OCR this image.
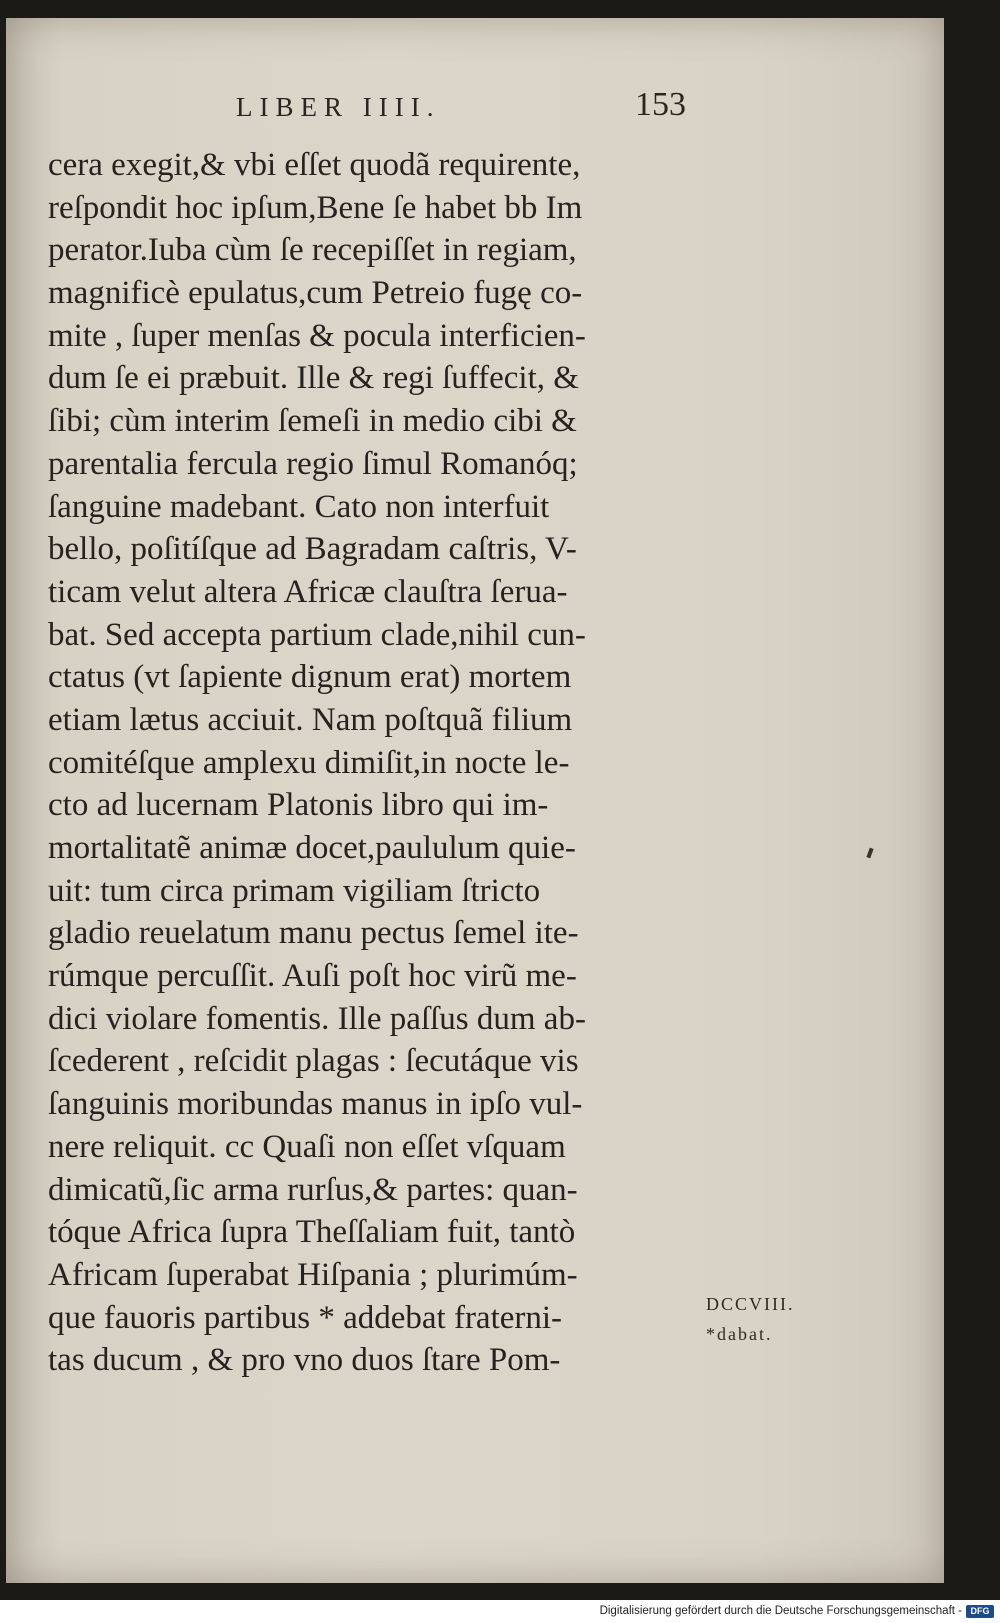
LIBER IIII.	153
cera exegit,& vbi eſſet quodã requirente,
reſpondit hoc ipſum,Bene ſe habet bb Im
perator.Iuba cùm ſe recepiſſet in regiam,
magnificè epulatus,cum Petreio fugę co-
mite , ſuper menſas & pocula interficien-
dum ſe ei præbuit. Ille & regi ſuffecit, &
ſibi; cùm interim ſemeſi in medio cibi &
parentalia fercula regio ſimul Romanóq;
ſanguine madebant. Cato non interfuit
bello, poſitíſque ad Bagradam caſtris, V-
ticam velut altera Africæ clauſtra ſerua-
bat. Sed accepta partium clade,nihil cun-
ctatus (vt ſapiente dignum erat) mortem
etiam lætus acciuit. Nam poſtquã filium
comitéſque amplexu dimiſit,in nocte le-
cto ad lucernam Platonis libro qui im-
mortalitatẽ animæ docet,paululum quie-
uit: tum circa primam vigiliam ſtricto
gladio reuelatum manu pectus ſemel ite-
rúmque percuſſit. Auſi poſt hoc virũ me-
dici violare fomentis. Ille paſſus dum ab-
ſcederent , reſcidit plagas : ſecutáque vis
ſanguinis moribundas manus in ipſo vul-
nere reliquit. cc Quaſi non eſſet vſquam
dimicatũ,ſic arma rurſus,& partes: quan-
tóque Africa ſupra Theſſaliam fuit, tantò
Africam ſuperabat Hiſpania ; plurimúm-
que fauoris partibus * addebat fraterni-
tas ducum , & pro vno duos ſtare Pom-
DCCVIII.
*dabat.
Digitalisierung gefördert durch die Deutsche Forschungsgemeinschaft - DFG
